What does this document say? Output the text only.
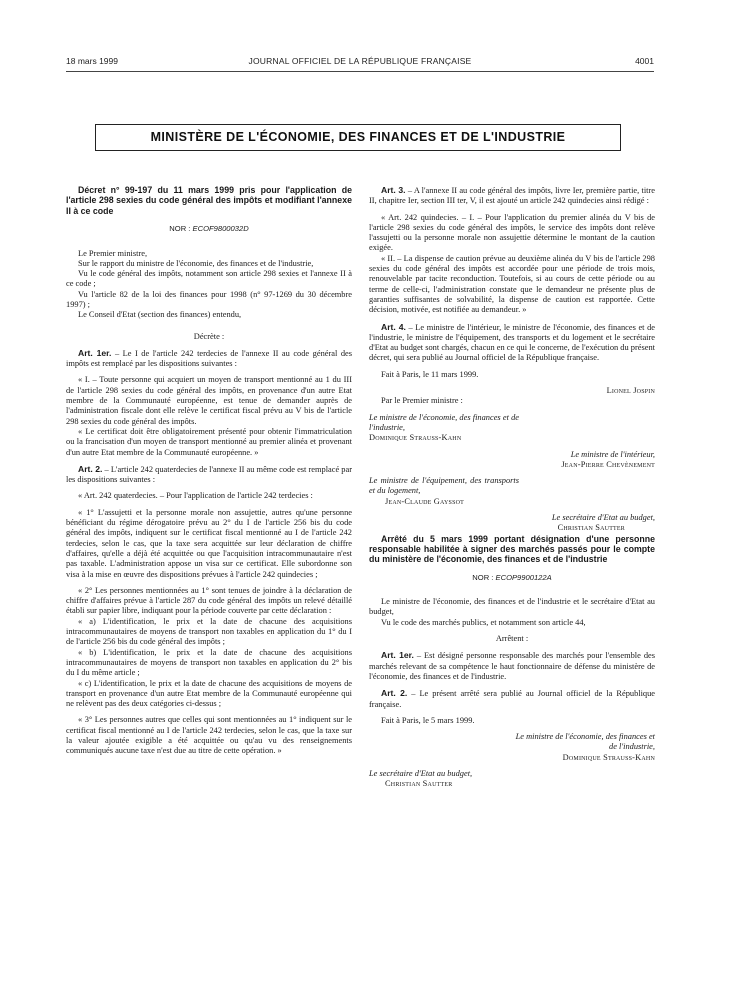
18 mars 1999	JOURNAL OFFICIEL DE LA RÉPUBLIQUE FRANÇAISE	4001
MINISTÈRE DE L'ÉCONOMIE, DES FINANCES ET DE L'INDUSTRIE

Décret n° 99-197 du 11 mars 1999 pris pour l'application de l'article 298 sexies du code général des impôts et modifiant l'annexe II à ce code

NOR : ECOF9800032D

Le Premier ministre,

Sur le rapport du ministre de l'économie, des finances et de l'industrie,

Vu le code général des impôts, notamment son article 298 sexies et l'annexe II à ce code ;

Vu l'article 82 de la loi des finances pour 1998 (n° 97-1269 du 30 décembre 1997) ;

Le Conseil d'Etat (section des finances) entendu,

Décrète :

Art. 1er. – Le I de l'article 242 terdecies de l'annexe II au code général des impôts est remplacé par les dispositions suivantes :

« I. – Toute personne qui acquiert un moyen de transport mentionné au 1 du III de l'article 298 sexies du code général des impôts, en provenance d'un autre Etat membre de la Communauté européenne, est tenue de demander auprès de l'administration fiscale dont elle relève le certificat fiscal prévu au V bis de l'article 298 sexies du code général des impôts.

« Le certificat doit être obligatoirement présenté pour obtenir l'immatriculation ou la francisation d'un moyen de transport mentionné au premier alinéa et provenant d'un autre Etat membre de la Communauté européenne. »

Art. 2. – L'article 242 quaterdecies de l'annexe II au même code est remplacé par les dispositions suivantes :

« Art. 242 quaterdecies. – Pour l'application de l'article 242 terdecies :

« 1° L'assujetti et la personne morale non assujettie, autres qu'une personne bénéficiant du régime dérogatoire prévu au 2° du I de l'article 256 bis du code général des impôts, indiquent sur le certificat fiscal mentionné au I de l'article 242 terdecies, selon le cas, que la taxe sera acquittée sur leur déclaration de chiffre d'affaires, qu'elle a déjà été acquittée ou que l'acquisition intracommunautaire n'est pas taxable. L'administration appose un visa sur ce certificat. Elle subordonne son visa à la mise en œuvre des dispositions prévues à l'article 242 quindecies ;

« 2° Les personnes mentionnées au 1° sont tenues de joindre à la déclaration de chiffre d'affaires prévue à l'article 287 du code général des impôts un relevé détaillé établi sur papier libre, indiquant pour la période couverte par cette déclaration :

« a) L'identification, le prix et la date de chacune des acquisitions intracommunautaires de moyens de transport non taxables en application du 1° du I de l'article 256 bis du code général des impôts ;

« b) L'identification, le prix et la date de chacune des acquisitions intracommunautaires de moyens de transport non taxables en application du 2° bis du I du même article ;

« c) L'identification, le prix et la date de chacune des acquisitions de moyens de transport en provenance d'un autre Etat membre de la Communauté européenne qui ne relèvent pas des deux catégories ci-dessus ;

« 3° Les personnes autres que celles qui sont mentionnées au 1° indiquent sur le certificat fiscal mentionné au I de l'article 242 terdecies, selon le cas, que la taxe sur la valeur ajoutée exigible a été acquittée ou qu'au vu des renseignements communiqués aucune taxe n'est due au titre de cette opération. »

Art. 3. – A l'annexe II au code général des impôts, livre Ier, première partie, titre II, chapitre Ier, section III ter, V, il est ajouté un article 242 quindecies ainsi rédigé :

« Art. 242 quindecies. – I. – Pour l'application du premier alinéa du V bis de l'article 298 sexies du code général des impôts, le service des impôts dont relève l'assujetti ou la personne morale non assujettie détermine le montant de la caution exigée.

« II. – La dispense de caution prévue au deuxième alinéa du V bis de l'article 298 sexies du code général des impôts est accordée pour une période de trois mois, renouvelable par tacite reconduction. Toutefois, si au cours de cette période ou au terme de celle-ci, l'administration constate que le demandeur ne présente plus de garanties suffisantes de solvabilité, la dispense de caution est rapportée. Cette décision, motivée, est notifiée au demandeur. »

Art. 4. – Le ministre de l'intérieur, le ministre de l'économie, des finances et de l'industrie, le ministre de l'équipement, des transports et du logement et le secrétaire d'Etat au budget sont chargés, chacun en ce qui le concerne, de l'exécution du présent décret, qui sera publié au Journal officiel de la République française.

Fait à Paris, le 11 mars 1999.

Lionel Jospin

Par le Premier ministre :

Le ministre de l'économie, des finances et de l'industrie,

Dominique Strauss-Kahn

Le ministre de l'intérieur,

Jean-Pierre Chevènement

Le ministre de l'équipement, des transports et du logement,

Jean-Claude Gayssot

Le secrétaire d'Etat au budget,

Christian Sautter

Arrêté du 5 mars 1999 portant désignation d'une personne responsable habilitée à signer des marchés passés pour le compte du ministère de l'économie, des finances et de l'industrie

NOR : ECOP9900122A

Le ministre de l'économie, des finances et de l'industrie et le secrétaire d'Etat au budget,

Vu le code des marchés publics, et notamment son article 44,

Arrêtent :

Art. 1er. – Est désigné personne responsable des marchés pour l'ensemble des marchés relevant de sa compétence le haut fonctionnaire de défense du ministère de l'économie, des finances et de l'industrie.

Art. 2. – Le présent arrêté sera publié au Journal officiel de la République française.

Fait à Paris, le 5 mars 1999.

Le ministre de l'économie, des finances et de l'industrie,

Dominique Strauss-Kahn

Le secrétaire d'Etat au budget,

Christian Sautter
